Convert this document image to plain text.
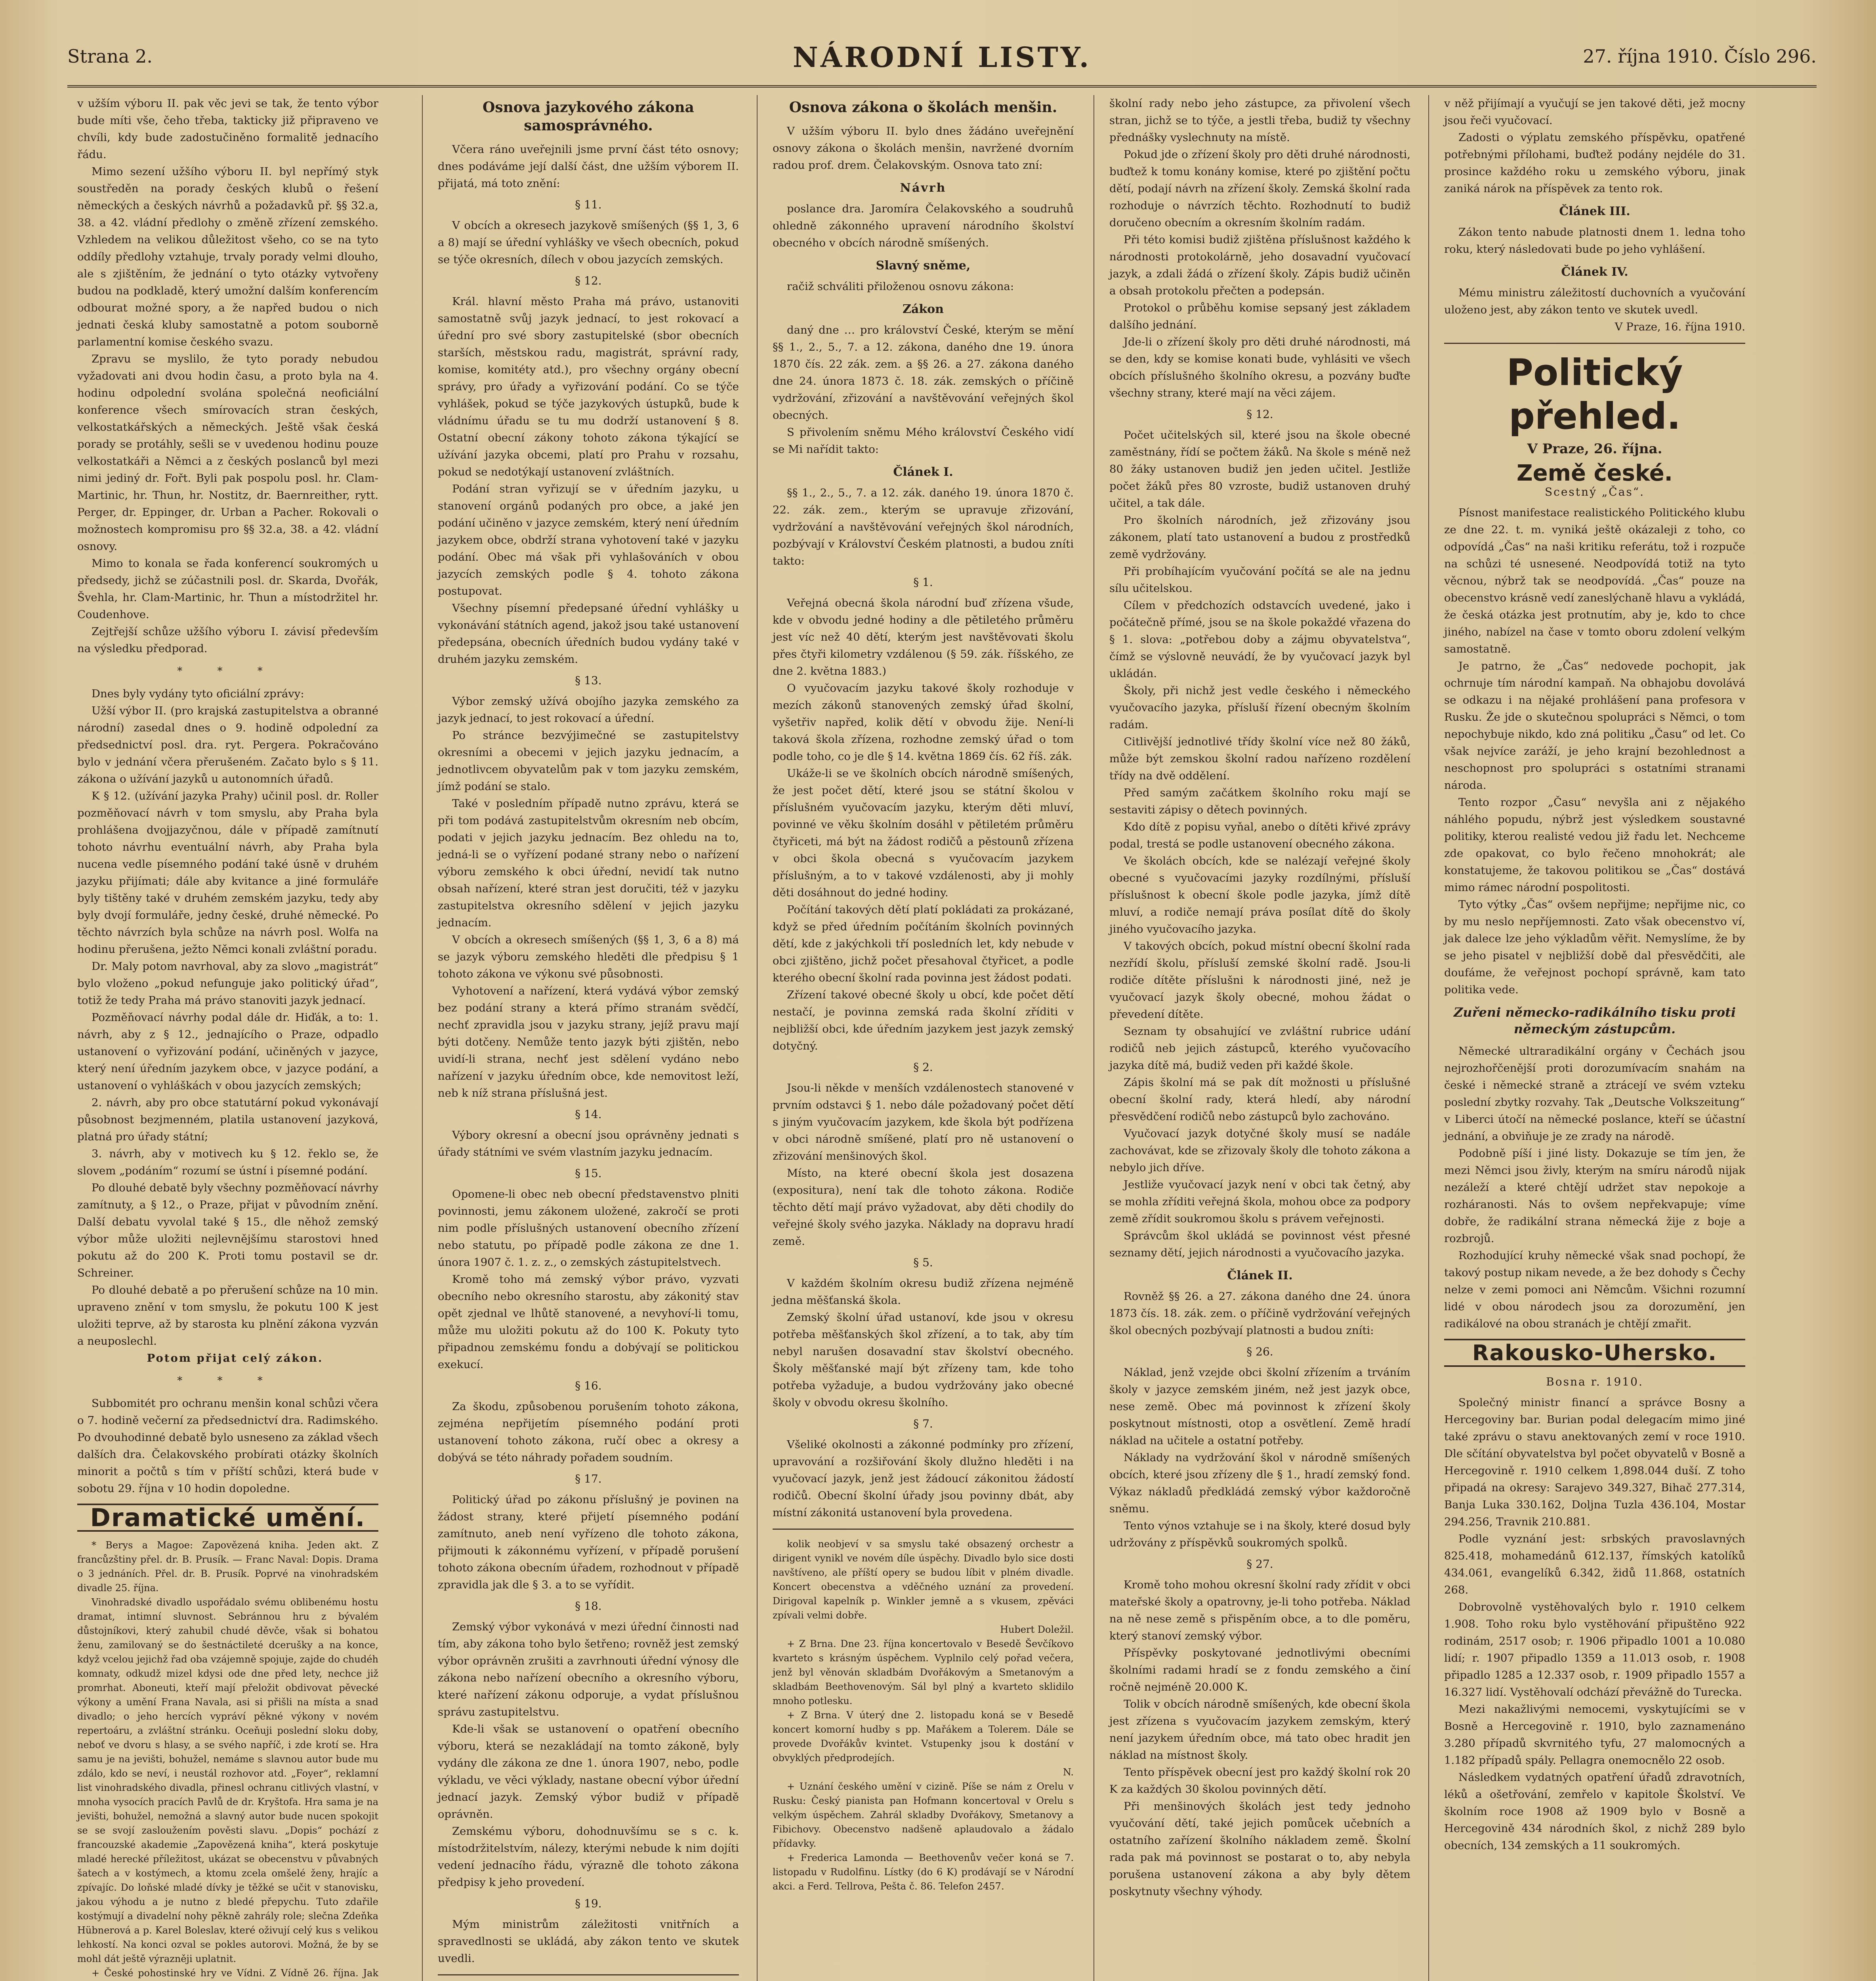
Strana 2.	NÁRODNÍ LISTY.	27. října 1910. Číslo 296.

v užším výboru II. pak věc jevi se tak, že tento výbor bude míti vše, čeho třeba, takticky již připraveno ve chvíli, kdy bude zadostučiněno formalitě jednacího řádu.

Mimo sezení užšího výboru II. byl nepřímý styk soustředěn na porady českých klubů o řešení německých a českých návrhů a požadavků př. §§ 32.a, 38. a 42. vládní předlohy o změně zřízení zemského. Vzhledem na velikou důležitost všeho, co se na tyto oddíly předlohy vztahuje, trvaly porady velmi dlouho, ale s zjištěním, že jednání o tyto otázky vytvořeny budou na podkladě, který umožní dalším konferencím odbourat možné spory, a že napřed budou o nich jednati česká kluby samostatně a potom souborně parlamentní komise českého svazu.

Zpravu se myslilo, že tyto porady nebudou vyžadovati ani dvou hodin času, a proto byla na 4. hodinu odpolední svolána společná neoficiální konference všech smírovacích stran českých, velkostatkářských a německých. Ještě však česká porady se protáhly, sešli se v uvedenou hodinu pouze velkostatkáři a Němci a z českých poslanců byl mezi nimi jediný dr. Fořt. Byli pak pospolu posl. hr. Clam-Martinic, hr. Thun, hr. Nostitz, dr. Baernreither, rytt. Perger, dr. Eppinger, dr. Urban a Pacher. Rokovali o možnostech kompromisu pro §§ 32.a, 38. a 42. vládní osnovy.

Mimo to konala se řada konferencí soukromých u předsedy, jichž se zúčastnili posl. dr. Skarda, Dvořák, Švehla, hr. Clam-Martinic, hr. Thun a místodržitel hr. Coudenhove.

Zejtřejší schůze užšího výboru I. závisí především na výsledku předporad.

* * *

Dnes byly vydány tyto oficiální zprávy:

Užší výbor II. (pro krajská zastupitelstva a obranné národní) zasedal dnes o 9. hodině odpolední za předsednictví posl. dra. ryt. Pergera. Pokračováno bylo v jednání včera přerušeném. Začato bylo s § 11. zákona o užívání jazyků u autonomních úřadů.

K § 12. (užívání jazyka Prahy) učinil posl. dr. Roller pozměňovací návrh v tom smyslu, aby Praha byla prohlášena dvojjazyčnou, dále v případě zamítnutí tohoto návrhu eventuální návrh, aby Praha byla nucena vedle písemného podání také úsně v druhém jazyku přijímati; dále aby kvitance a jiné formuláře byly tištěny také v druhém zemském jazyku, tedy aby byly dvojí formuláře, jedny české, druhé německé. Po těchto návrzích byla schůze na návrh posl. Wolfa na hodinu přerušena, ježto Němci konali zvláštní poradu.

Dr. Maly potom navrhoval, aby za slovo „magistrát“ bylo vloženo „pokud nefunguje jako politický úřad“, totiž že tedy Praha má právo stanoviti jazyk jednací.

Pozměňovací návrhy podal dále dr. Hiďák, a to: 1. návrh, aby z § 12., jednajícího o Praze, odpadlo ustanovení o vyřizování podání, učiněných v jazyce, který není úředním jazykem obce, v jazyce podání, a ustanovení o vyhláškách v obou jazycích zemských;

2. návrh, aby pro obce statutární pokud vykonávají působnost bezjmenném, platila ustanovení jazyková, platná pro úřady státní;

3. návrh, aby v motivech ku § 12. řeklo se, že slovem „podáním“ rozumí se ústní i písemné podání.

Po dlouhé debatě byly všechny pozměňovací návrhy zamítnuty, a § 12., o Praze, přijat v původním znění. Další debatu vyvolal také § 15., dle něhož zemský výbor může uložiti nejlevnějšímu starostovi hned pokutu až do 200 K. Proti tomu postavil se dr. Schreiner.

Po dlouhé debatě a po přerušení schůze na 10 min. upraveno znění v tom smyslu, že pokutu 100 K jest uložiti teprve, až by starosta ku plnění zákona vyzván a neuposlechl.

Potom přijat celý zákon.

* * *

Subbomitét pro ochranu menšin konal schůzi včera o 7. hodině večerní za předsednictví dra. Radimského. Po dvouhodinné debatě bylo usneseno za základ všech dalších dra. Čelakovského probírati otázky školních minorit a počtů s tím v příští schůzi, která bude v sobotu 29. října v 10 hodin dopoledne.

Dramatické umění.

* Berys a Magoe: Zapovězená kniha. Jeden akt. Z francůzštiny přel. dr. B. Prusík. — Franc Naval: Dopis. Drama o 3 jednáních. Přel. dr. B. Prusík. Poprvé na vinohradském divadle 25. října.

Vinohradské divadlo uspořádalo svému oblibenému hostu dramat, intimní sluvnost. Sebránnou hru z bývalém důstojníkovi, který zahubil chudé děvče, však si bohatou ženu, zamilovaný se do šestnáctileté dcerušky a na konce, když vcelou jejichž řad oba vzájemně spojuje, zajde do chudéh komnaty, odkudž mizel kdysi ode dne před lety, nechce již promrhat. Aboneuti, kteří mají přeložit obdivovat pěvecké výkony a umění Frana Navala, asi si přišli na místa a snad divadlo; o jeho hercích vypráví pěkné výkony v novém repertoáru, a zvláštní stránku. Oceňuji poslední sloku doby, neboť ve dvoru s hlasy, a se svého napříč, i zde krotí se. Hra samu je na jevišti, bohužel, nemáme s slavnou autor bude mu zdálo, kdo se neví, i neustál rozhovor atd. „Foyer“, reklamní list vinohradského divadla, přinesl ochranu citlivých vlastní, v mnoha vysocích pracích Pavlů de dr. Kryštofa. Hra sama je na jevišti, bohužel, nemožná a slavný autor bude nucen spokojit se se svojí zasloužením pověsti slavu. „Dopis“ pochází z francouzské akademie „Zapovězená kniha“, která poskytuje mladé herecké příležitost, ukázat se obecenstvu v půvabných šatech a v kostýmech, a ktomu zcela omšelé ženy, hrajíc a zpívajíc. Do loňské mladé dívky je těžké se učit v stanovisku, jakou výhodu a je nutno z bledé přepychu. Tuto zdařile kostýmují a divadelní nohy pěkně zahrály role; slečna Zdeňka Hübnerová a p. Karel Boleslav, které oživují celý kus s velikou lehkostí. Na konci ozval se pokles autorovi. Možná, že by se mohl dát ještě výrazněji uplatnit.

+ České pohostinské hry ve Vídni. Z Vídně 26. října. Jak

Osnova jazykového zákona samosprávného.

Včera ráno uveřejnili jsme první část této osnovy; dnes podáváme její další část, dne užším výborem II. přijatá, má toto znění:

§ 11.

V obcích a okresech jazykově smíšených (§§ 1, 3, 6 a 8) mají se úřední vyhlášky ve všech obecních, pokud se týče okresních, dílech v obou jazycích zemských.

§ 12.

Král. hlavní město Praha má právo, ustanoviti samostatně svůj jazyk jednací, to jest rokovací a úřední pro své sbory zastupitelské (sbor obecních starších, městskou radu, magistrát, správní rady, komise, komitéty atd.), pro všechny orgány obecní správy, pro úřady a vyřizování podání. Co se týče vyhlášek, pokud se týče jazykových ústupků, bude k vládnímu úřadu se tu mu dodrží ustanovení § 8. Ostatní obecní zákony tohoto zákona týkající se užívání jazyka obcemi, platí pro Prahu v rozsahu, pokud se nedotýkají ustanovení zvláštních.

Podání stran vyřizují se v úředním jazyku, u stanovení orgánů podaných pro obce, a jaké jen podání učiněno v jazyce zemském, který není úředním jazykem obce, obdrží strana vyhotovení také v jazyku podání. Obec má však při vyhlašováních v obou jazycích zemských podle § 4. tohoto zákona postupovat.

Všechny písemní předepsané úřední vyhlášky u vykonávání státních agend, jakož jsou také ustanovení předepsána, obecních úředních budou vydány také v druhém jazyku zemském.

§ 13.

Výbor zemský užívá obojího jazyka zemského za jazyk jednací, to jest rokovací a úřední.

Po stránce bezvýjimečné se zastupitelstvy okresními a obecemi v jejich jazyku jednacím, a jednotlivcem obyvatelům pak v tom jazyku zemském, jímž podání se stalo.

Také v posledním případě nutno zprávu, která se při tom podává zastupitelstvům okresním neb obcím, podati v jejich jazyku jednacím. Bez ohledu na to, jedná-li se o vyřízení podané strany nebo o nařízení výboru zemského k obci úřední, nevidí tak nutno obsah nařízení, které stran jest doručiti, též v jazyku zastupitelstva okresního sdělení v jejich jazyku jednacím.

V obcích a okresech smíšených (§§ 1, 3, 6 a 8) má se jazyk výboru zemského hleděti dle předpisu § 1 tohoto zákona ve výkonu své působnosti.

Vyhotovení a nařízení, která vydává výbor zemský bez podání strany a která přímo stranám svědčí, nechť zpravidla jsou v jazyku strany, jejíž pravu mají býti dotčeny. Nemůže tento jazyk býti zjištěn, nebo uvidí-li strana, nechť jest sdělení vydáno nebo nařízení v jazyku úředním obce, kde nemovitost leží, neb k níž strana příslušná jest.

§ 14.

Výbory okresní a obecní jsou oprávněny jednati s úřady státními ve svém vlastním jazyku jednacím.

§ 15.

Opomene-li obec neb obecní představenstvo plniti povinnosti, jemu zákonem uložené, zakročí se proti nim podle příslušných ustanovení obecního zřízení nebo statutu, po případě podle zákona ze dne 1. února 1907 č. 1. z. z., o zemských zástupitelstvech.

Kromě toho má zemský výbor právo, vyzvati obecního nebo okresního starostu, aby zákonitý stav opět zjednal ve lhůtě stanovené, a nevyhoví-li tomu, může mu uložiti pokutu až do 100 K. Pokuty tyto připadnou zemskému fondu a dobývají se politickou exekucí.

§ 16.

Za škodu, způsobenou porušením tohoto zákona, zejména nepřijetím písemného podání proti ustanovení tohoto zákona, ručí obec a okresy a dobývá se této náhrady pořadem soudním.

§ 17.

Politický úřad po zákonu příslušný je povinen na žádost strany, které přijetí písemného podání zamítnuto, aneb není vyřízeno dle tohoto zákona, přijmouti k zákonnému vyřízení, v případě porušení tohoto zákona obecním úřadem, rozhodnout v případě zpravidla jak dle § 3. a to se vyřídit.

§ 18.

Zemský výbor vykonává v mezi úřední činnosti nad tím, aby zákona toho bylo šetřeno; rovněž jest zemský výbor oprávněn zrušiti a zavrhnouti úřední výnosy dle zákona nebo nařízení obecního a okresního výboru, které nařízení zákonu odporuje, a vydat příslušnou správu zastupitelstvu.

Kde-li však se ustanovení o opatření obecního výboru, která se nezakládají na tomto zákoně, byly vydány dle zákona ze dne 1. února 1907, nebo, podle výkladu, ve věci výklady, nastane obecní výbor úřední jednací jazyk. Zemský výbor budiž v případě oprávněn.

Zemskému výboru, dohodnuvšímu se s c. k. místodržitelstvím, nálezy, kterými nebude k nim dojíti vedení jednacího řádu, výrazně dle tohoto zákona předpisy k jeho provedení.

§ 19.

Mým ministrům záležitosti vnitřních a spravedlnosti se ukládá, aby zákon tento ve skutek uvedli.

Osnova zákona o školách menšin.

V užším výboru II. bylo dnes žádáno uveřejnění osnovy zákona o školách menšin, navržené dvorním radou prof. drem. Čelakovským. Osnova tato zní:

Návrh

poslance dra. Jaromíra Čelakovského a soudruhů ohledně zákonného upravení národního školství obecného v obcích národně smíšených.

Slavný sněme,

račiž schváliti přiloženou osnovu zákona:

Zákon

daný dne … pro království České, kterým se mění §§ 1., 2., 5., 7. a 12. zákona, daného dne 19. února 1870 čís. 22 zák. zem. a §§ 26. a 27. zákona daného dne 24. února 1873 č. 18. zák. zemských o příčině vydržování, zřizování a navštěvování veřejných škol obecných.

S přivolením sněmu Mého království Českého vidí se Mi nařídit takto:

Článek I.

§§ 1., 2., 5., 7. a 12. zák. daného 19. února 1870 č. 22. zák. zem., kterým se upravuje zřizování, vydržování a navštěvování veřejných škol národních, pozbývají v Království Českém platnosti, a budou zníti takto:

§ 1.

Veřejná obecná škola národní buď zřízena všude, kde v obvodu jedné hodiny a dle pětiletého průměru jest víc než 40 dětí, kterým jest navštěvovati školu přes čtyři kilometry vzdálenou (§ 59. zák. říšského, ze dne 2. května 1883.)

O vyučovacím jazyku takové školy rozhoduje v mezích zákonů stanovených zemský úřad školní, vyšetřiv napřed, kolik dětí v obvodu žije. Není-li taková škola zřízena, rozhodne zemský úřad o tom podle toho, co je dle § 14. května 1869 čís. 62 říš. zák.

Ukáže-li se ve školních obcích národně smíšených, že jest počet dětí, které jsou se státní školou v příslušném vyučovacím jazyku, kterým děti mluví, povinné ve věku školním dosáhl v pětiletém průměru čtyřiceti, má být na žádost rodičů a pěstounů zřízena v obci škola obecná s vyučovacím jazykem příslušným, a to v takové vzdálenosti, aby ji mohly děti dosáhnout do jedné hodiny.

Počítání takových dětí platí pokládati za prokázané, když se před úředním počítáním školních povinných dětí, kde z jakýchkoli tří posledních let, kdy nebude v obci zjištěno, jichž počet přesahoval čtyřicet, a podle kterého obecní školní rada povinna jest žádost podati.

Zřízení takové obecné školy u obcí, kde počet dětí nestačí, je povinna zemská rada školní zříditi v nejbližší obci, kde úředním jazykem jest jazyk zemský dotyčný.

§ 2.

Jsou-li někde v menších vzdálenostech stanovené v prvním odstavci § 1. nebo dále požadovaný počet dětí s jiným vyučovacím jazykem, kde škola být podřízena v obci národně smíšené, platí pro ně ustanovení o zřizování menšinových škol.

Místo, na které obecní škola jest dosazena (expositura), není tak dle tohoto zákona. Rodiče těchto dětí mají právo vyžadovat, aby děti chodily do veřejné školy svého jazyka. Náklady na dopravu hradí země.

§ 5.

V každém školním okresu budiž zřízena nejméně jedna měšťanská škola.

Zemský školní úřad ustanoví, kde jsou v okresu potřeba měšťanských škol zřízení, a to tak, aby tím nebyl narušen dosavadní stav školství obecného. Školy měšťanské mají být zřízeny tam, kde toho potřeba vyžaduje, a budou vydržovány jako obecné školy v obvodu okresu školního.

§ 7.

Všeliké okolnosti a zákonné podmínky pro zřízení, upravování a rozšiřování školy dlužno hleděti i na vyučovací jazyk, jenž jest žádoucí zákonitou žádostí rodičů. Obecní školní úřady jsou povinny dbát, aby místní zákonitá ustanovení byla provedena.

kolik neobjeví v sa smyslu také obsazený orchestr a dirigent vynikl ve novém díle úspěchy. Divadlo bylo sice dosti navštíveno, ale příští opery se budou líbit v plném divadle. Koncert obecenstva a vděčného uznání za provedení. Dirigoval kapelník p. Winkler jemně a s vkusem, zpěváci zpívali velmi dobře.

Hubert Doležil.

+ Z Brna. Dne 23. října koncertovalo v Besedě Ševčíkovo kvarteto s krásným úspěchem. Vyplnilo celý pořad večera, jenž byl věnován skladbám Dvořákovým a Smetanovým a skladbám Beethovenovým. Sál byl plný a kvarteto sklidilo mnoho potlesku.

+ Z Brna. V úterý dne 2. listopadu koná se v Besedě koncert komorní hudby s pp. Mařákem a Tolerem. Dále se provede Dvořákův kvintet. Vstupenky jsou k dostání v obvyklých předprodejích.

N.

+ Uznání českého umění v cizině. Píše se nám z Orelu v Rusku: Český pianista pan Hofmann koncertoval v Orelu s velkým úspěchem. Zahrál skladby Dvořákovy, Smetanovy a Fibichovy. Obecenstvo nadšeně aplaudovalo a žádalo přídavky.

+ Frederica Lamonda — Beethovenův večer koná se 7. listopadu v Rudolfinu. Lístky (do 6 K) prodávají se v Národní akci. a Ferd. Tellrova, Pešta č. 86. Telefon 2457.

školní rady nebo jeho zástupce, za přivolení všech stran, jichž se to týče, a jestli třeba, budiž ty všechny přednášky vyslechnuty na místě.

Pokud jde o zřízení školy pro děti druhé národnosti, buďtež k tomu konány komise, které po zjištění počtu dětí, podají návrh na zřízení školy. Zemská školní rada rozhoduje o návrzích těchto. Rozhodnutí to budiž doručeno obecním a okresním školním radám.

Při této komisi budiž zjištěna příslušnost každého k národnosti protokolárně, jeho dosavadní vyučovací jazyk, a zdali žádá o zřízení školy. Zápis budiž učiněn a obsah protokolu přečten a podepsán.

Protokol o průběhu komise sepsaný jest základem dalšího jednání.

Jde-li o zřízení školy pro děti druhé národnosti, má se den, kdy se komise konati bude, vyhlásiti ve všech obcích příslušného školního okresu, a pozvány buďte všechny strany, které mají na věci zájem.

§ 12.

Počet učitelských sil, které jsou na škole obecné zaměstnány, řídí se počtem žáků. Na škole s méně než 80 žáky ustanoven budiž jen jeden učitel. Jestliže počet žáků přes 80 vzroste, budiž ustanoven druhý učitel, a tak dále.

Pro školních národních, jež zřizovány jsou zákonem, platí tato ustanovení a budou z prostředků země vydržovány.

Při probíhajícím vyučování počítá se ale na jednu sílu učitelskou.

Cílem v předchozích odstavcích uvedené, jako i počátečně přímé, jsou se na škole pokaždé vřazena do § 1. slova: „potřebou doby a zájmu obyvatelstva“, čímž se výslovně neuvádí, že by vyučovací jazyk byl ukládán.

Školy, při nichž jest vedle českého i německého vyučovacího jazyka, přísluší řízení obecným školním radám.

Citlivější jednotlivé třídy školní více než 80 žáků, může být zemskou školní radou nařízeno rozdělení třídy na dvě oddělení.

Před samým začátkem školního roku mají se sestaviti zápisy o dětech povinných.

Kdo dítě z popisu vyňal, anebo o dítěti křivé zprávy podal, trestá se podle ustanovení obecného zákona.

Ve školách obcích, kde se nalézají veřejné školy obecné s vyučovacími jazyky rozdílnými, přísluší příslušnost k obecní škole podle jazyka, jímž dítě mluví, a rodiče nemají práva posílat dítě do školy jiného vyučovacího jazyka.

V takových obcích, pokud místní obecní školní rada nezřídí školu, přísluší zemské školní radě. Jsou-li rodiče dítěte příslušni k národnosti jiné, než je vyučovací jazyk školy obecné, mohou žádat o převedení dítěte.

Seznam ty obsahující ve zvláštní rubrice udání rodičů neb jejich zástupců, kterého vyučovacího jazyka dítě má, budiž veden při každé škole.

Zápis školní má se pak dít možnosti u příslušné obecní školní rady, která hledí, aby národní přesvědčení rodičů nebo zástupců bylo zachováno.

Vyučovací jazyk dotyčné školy musí se nadále zachovávat, kde se zřizovaly školy dle tohoto zákona a nebylo jich dříve.

Jestliže vyučovací jazyk není v obci tak četný, aby se mohla zříditi veřejná škola, mohou obce za podpory země zřídit soukromou školu s právem veřejnosti.

Správcům škol ukládá se povinnost vést přesné seznamy dětí, jejich národnosti a vyučovacího jazyka.

Článek II.

Rovněž §§ 26. a 27. zákona daného dne 24. února 1873 čís. 18. zák. zem. o příčině vydržování veřejných škol obecných pozbývají platnosti a budou zníti:

§ 26.

Náklad, jenž vzejde obci školní zřízením a trváním školy v jazyce zemském jiném, než jest jazyk obce, nese země. Obec má povinnost k zřízení školy poskytnout místnosti, otop a osvětlení. Země hradí náklad na učitele a ostatní potřeby.

Náklady na vydržování škol v národně smíšených obcích, které jsou zřízeny dle § 1., hradí zemský fond. Výkaz nákladů předkládá zemský výbor každoročně sněmu.

Tento výnos vztahuje se i na školy, které dosud byly udržovány z příspěvků soukromých spolků.

§ 27.

Kromě toho mohou okresní školní rady zřídit v obci mateřské školy a opatrovny, je-li toho potřeba. Náklad na ně nese země s přispěním obce, a to dle poměru, který stanoví zemský výbor.

Příspěvky poskytované jednotlivými obecními školními radami hradí se z fondu zemského a činí ročně nejméně 20.000 K.

Tolik v obcích národně smíšených, kde obecní škola jest zřízena s vyučovacím jazykem zemským, který není jazykem úředním obce, má tato obec hradit jen náklad na místnost školy.

Tento příspěvek obecní jest pro každý školní rok 20 K za každých 30 školou povinných dětí.

Při menšinových školách jest tedy jednoho vyučování dětí, také jejich pomůcek učebních a ostatního zařízení školního nákladem země. Školní rada pak má povinnost se postarat o to, aby nebyla porušena ustanovení zákona a aby byly dětem poskytnuty všechny výhody.

v něž přijímají a vyučují se jen takové děti, jež mocny jsou řeči vyučovací.

Zadosti o výplatu zemského příspěvku, opatřené potřebnými přílohami, buďtež podány nejdéle do 31. prosince každého roku u zemského výboru, jinak zaniká nárok na příspěvek za tento rok.

Článek III.

Zákon tento nabude platnosti dnem 1. ledna toho roku, který následovati bude po jeho vyhlášení.

Článek IV.

Mému ministru záležitostí duchovních a vyučování uloženo jest, aby zákon tento ve skutek uvedl.

V Praze, 16. října 1910.
Politický přehled.
V Praze, 26. října.
Země české.
Scestný „Čas“.

Písnost manifestace realistického Politického klubu ze dne 22. t. m. vyniká ještě okázaleji z toho, co odpovídá „Čas“ na naši kritiku referátu, tož i rozpuče na schůzi té usnesené. Neodpovídá totiž na tyto věcnou, nýbrž tak se neodpovídá. „Čas“ pouze na obecenstvo krásně vedí zaneslýchaně hlavu a vykládá, že česká otázka jest protnutím, aby je, kdo to chce jiného, nabízel na čase v tomto oboru zdolení velkým samostatně.

Je patrno, že „Čas“ nedovede pochopit, jak ochrnuje tím národní kampaň. Na obhajobu dovolává se odkazu i na nějaké prohlášení pana profesora v Rusku. Že jde o skutečnou spolupráci s Němci, o tom nepochybuje nikdo, kdo zná politiku „Času“ od let. Co však nejvíce zaráží, je jeho krajní bezohlednost a neschopnost pro spolupráci s ostatními stranami národa.

Tento rozpor „Času“ nevyšla ani z nějakého náhlého popudu, nýbrž jest výsledkem soustavné politiky, kterou realisté vedou již řadu let. Nechceme zde opakovat, co bylo řečeno mnohokrát; ale konstatujeme, že takovou politikou se „Čas“ dostává mimo rámec národní pospolitosti.

Tyto výtky „Čas“ ovšem nepřijme; nepřijme nic, co by mu neslo nepříjemnosti. Zato však obecenstvo ví, jak dalece lze jeho výkladům věřit. Nemyslíme, že by se jeho pisatel v nejbližší době dal přesvědčiti, ale doufáme, že veřejnost pochopí správně, kam tato politika vede.

Zuřeni německo-radikálního tisku proti německým zástupcům.

Německé ultraradikální orgány v Čechách jsou nejrozhořčenější proti dorozumívacím snahám na české i německé straně a ztrácejí ve svém vzteku poslední zbytky rozvahy. Tak „Deutsche Volkszeitung“ v Liberci útočí na německé poslance, kteří se účastní jednání, a obviňuje je ze zrady na národě.

Podobně píší i jiné listy. Dokazuje se tím jen, že mezi Němci jsou živly, kterým na smíru národů nijak nezáleží a které chtějí udržet stav nepokoje a rozháranosti. Nás to ovšem nepřekvapuje; víme dobře, že radikální strana německá žije z boje a rozbrojů.

Rozhodující kruhy německé však snad pochopí, že takový postup nikam nevede, a že bez dohody s Čechy nelze v zemi pomoci ani Němcům. Všichni rozumní lidé v obou národech jsou za dorozumění, jen radikálové na obou stranách je chtějí zmařit.

Rakousko-Uhersko.
Bosna r. 1910.

Společný ministr financí a správce Bosny a Hercegoviny bar. Burian podal delegacím mimo jiné také zprávu o stavu anektovaných zemí v roce 1910. Dle sčítání obyvatelstva byl počet obyvatelů v Bosně a Hercegovině r. 1910 celkem 1,898.044 duší. Z toho připadá na okresy: Sarajevo 349.327, Bihač 277.314, Banja Luka 330.162, Doljna Tuzla 436.104, Mostar 294.256, Travnik 210.881.

Podle vyznání jest: srbských pravoslavných 825.418, mohamedánů 612.137, římských katolíků 434.061, evangelíků 6.342, židů 11.868, ostatních 268.

Dobrovolně vystěhovalých bylo r. 1910 celkem 1.908. Toho roku bylo vystěhování připuštěno 922 rodinám, 2517 osob; r. 1906 připadlo 1001 a 10.080 lidí; r. 1907 připadlo 1359 a 11.013 osob, r. 1908 připadlo 1285 a 12.337 osob, r. 1909 připadlo 1557 a 16.327 lidí. Vystěhovalí odchází převážně do Turecka.

Mezi nakažlivými nemocemi, vyskytujícími se v Bosně a Hercegovině r. 1910, bylo zaznamenáno 3.280 případů skvrnitého tyfu, 27 malomocných a 1.182 případů spály. Pellagra onemocnělo 22 osob.

Následkem vydatných opatření úřadů zdravotních, léků a ošetřování, zemřelo v kapitole Školství. Ve školním roce 1908 až 1909 bylo v Bosně a Hercegovině 434 národních škol, z nichž 289 bylo obecních, 134 zemských a 11 soukromých.
